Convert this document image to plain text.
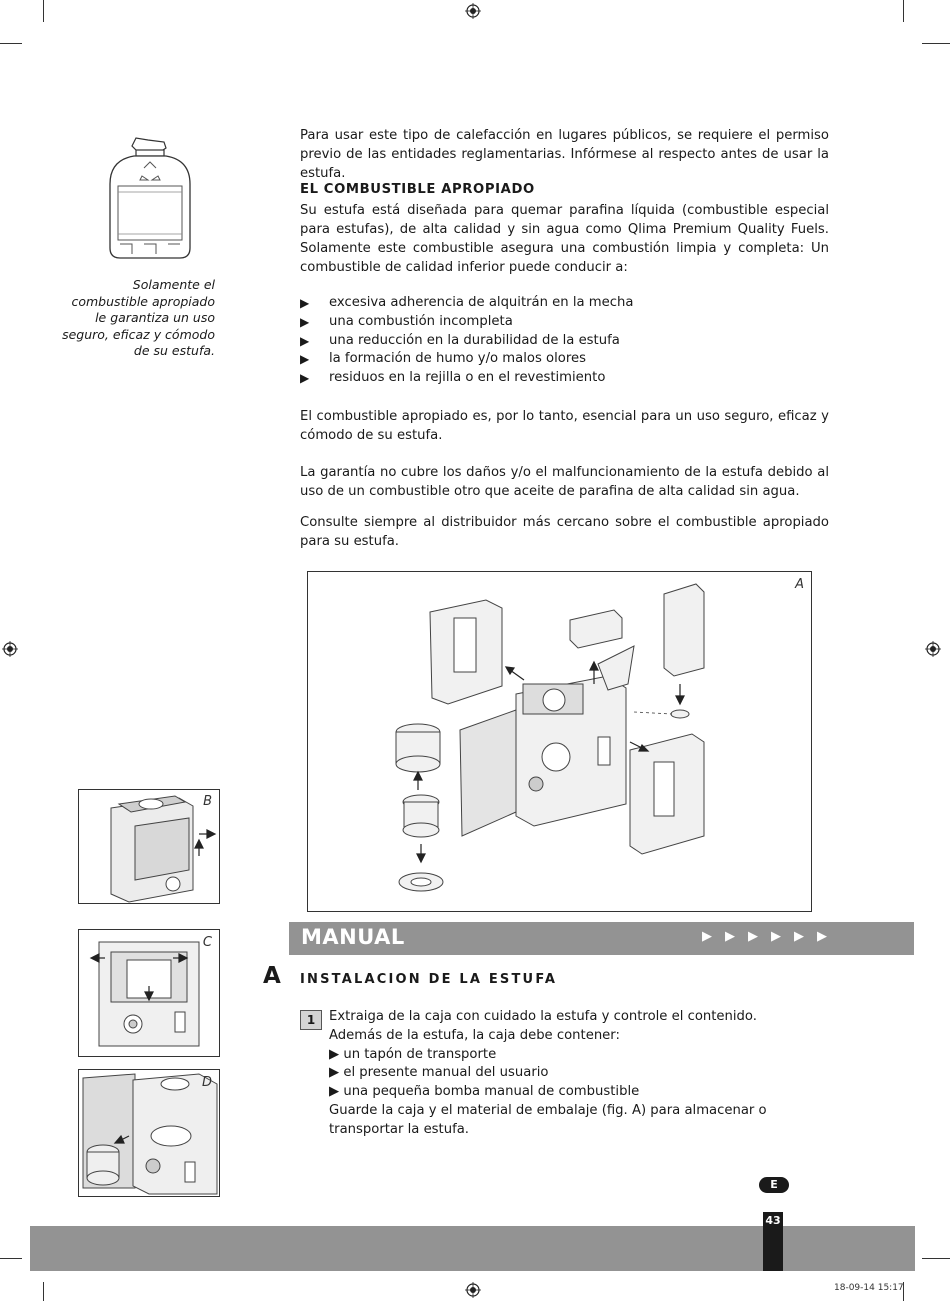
Solamente el combustible apropiado le garantiza un uso seguro, eficaz y cómodo de su estufa.

Para usar este tipo de calefacción en lugares públicos, se requiere el permiso previo de las entidades reglamentarias. Infórmese al respecto antes de usar la estufa.

EL COMBUSTIBLE APROPIADO

Su estufa está diseñada para quemar parafina líquida (combustible especial para estufas), de alta calidad y sin agua como Qlima Premium Quality Fuels. Solamente este combustible asegura una combustión limpia y completa: Un combustible de calidad inferior puede conducir a:

▶ excesiva adherencia de alquitrán en la mecha
▶ una combustión incompleta
▶ una reducción en la durabilidad de la estufa
▶ la formación de humo y/o malos olores
▶ residuos en la rejilla o en el revestimiento

El combustible apropiado es, por lo tanto, esencial para un uso seguro, eficaz y cómodo de su estufa.

La garantía no cubre los daños y/o el malfuncionamiento de la estufa debido al uso de un combustible otro que aceite de parafina de alta calidad sin agua.

Consulte siempre al distribuidor más cercano sobre el combustible apropiado para su estufa.

A
B
C
D
MANUAL	▶▶▶▶▶▶
A INSTALACION DE LA ESTUFA
1	Extraiga de la caja con cuidado la estufa y controle el contenido.
Además de la estufa, la caja debe contener:
▶ un tapón de transporte
▶ el presente manual del usuario
▶ una pequeña bomba manual de combustible
Guarde la caja y el material de embalaje (fig. A) para almacenar o transportar la estufa.
E
43
18-09-14 15:17
